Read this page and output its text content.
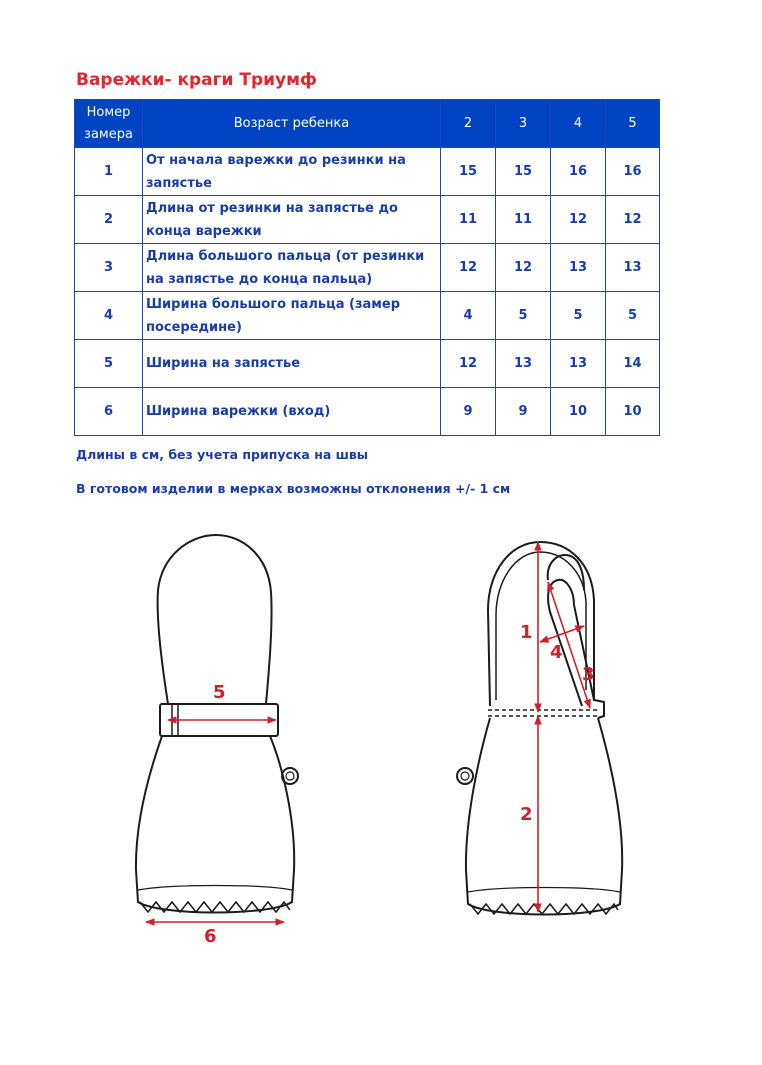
Варежки- краги Триумф
Номер
замера	Возраст ребенка	2	3	4	5
1	От начала варежки до резинки на запястье	15	15	16	16
2	Длина от резинки на запястье до конца варежки	11	11	12	12
3	Длина большого пальца (от резинки на запястье до конца пальца)	12	12	13	13
4	Ширина большого пальца (замер посередине)	4	5	5	5
5	Ширина на запястье	12	13	13	14
6	Ширина варежки (вход)	9	9	10	10
Длины в см, без учета припуска на швы
В готовом изделии в мерках возможны отклонения +/- 1 см
5
6
1
2
3
4
